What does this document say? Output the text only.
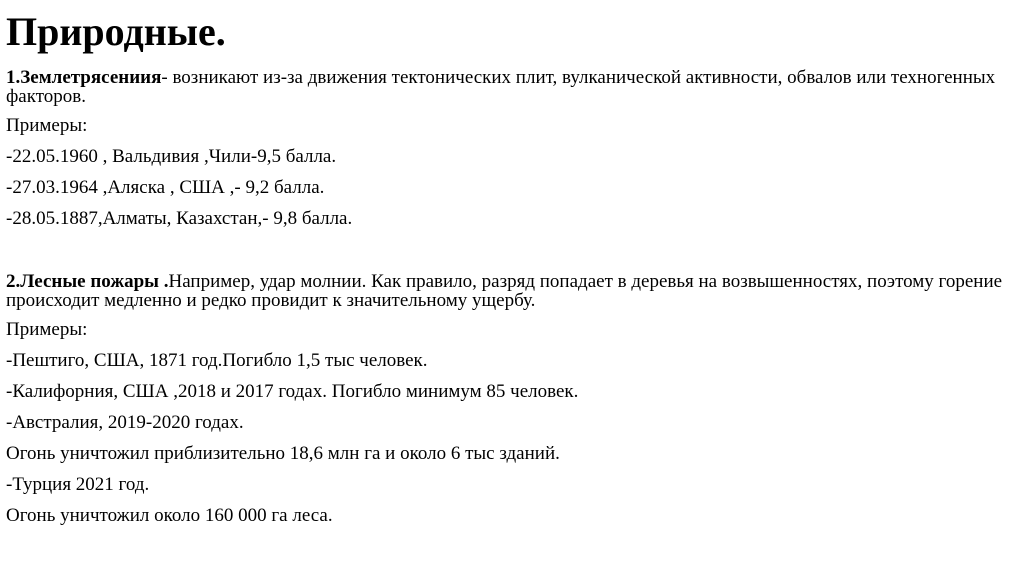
Природные.

1.Землетрясениия- возникают из-за движения тектонических плит, вулканической активности, обвалов или техногенных факторов.

Примеры:

-22.05.1960 , Вальдивия ,Чили-9,5 балла.

-27.03.1964 ,Аляска , США ,- 9,2 балла.

-28.05.1887,Алматы, Казахстан,- 9,8 балла.

2.Лесные пожары .Например, удар молнии. Как правило, разряд попадает в деревья на возвышенностях, поэтому горение происходит медленно и редко провидит к значительному ущербу.

Примеры:

-Пештиго, США, 1871 год.Погибло 1,5 тыс человек.

-Калифорния, США ,2018 и 2017 годах. Погибло минимум 85 человек.

-Австралия, 2019-2020 годах.

Огонь уничтожил приблизительно 18,6 млн га и около 6 тыс зданий.

-Турция 2021 год.

Огонь уничтожил около 160 000 га леса.
